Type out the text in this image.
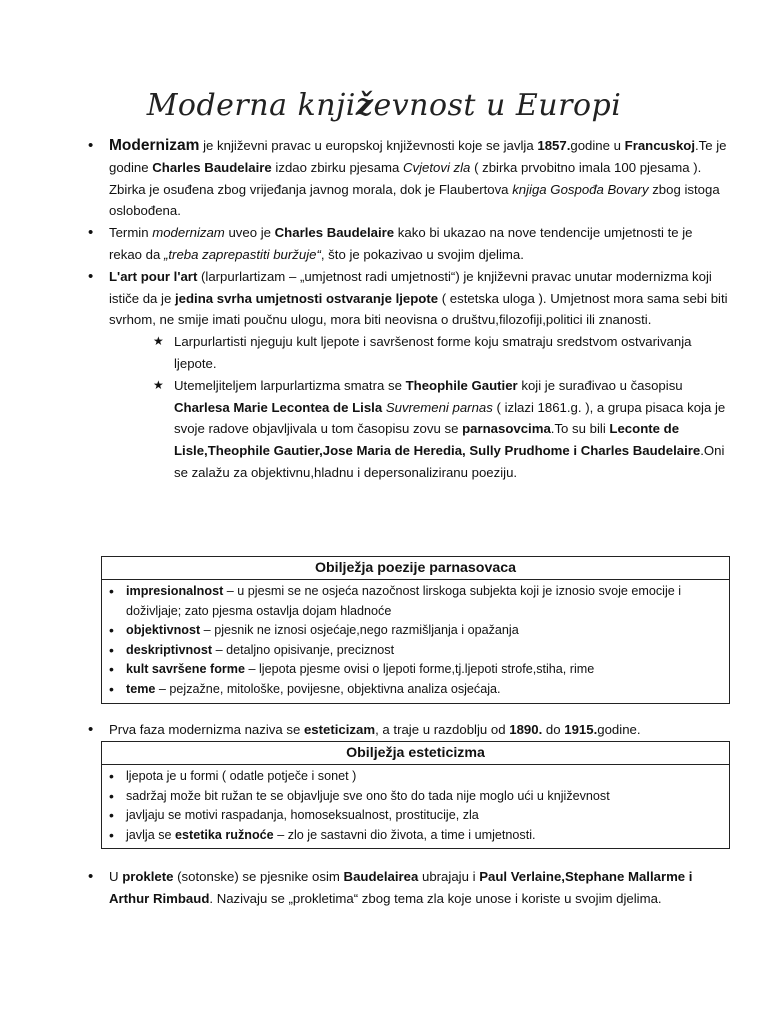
Moderna književnost u Europi
• Modernizam je književni pravac u europskoj književnosti koje se javlja 1857.godine u Francuskoj.Te je godine Charles Baudelaire izdao zbirku pjesama Cvjetovi zla ( zbirka prvobitno imala 100 pjesama ). Zbirka je osuđena zbog vrijeđanja javnog morala, dok je Flaubertova knjiga Gospođa Bovary zbog istoga oslobođena.
• Termin modernizam uveo je Charles Baudelaire kako bi ukazao na nove tendencije umjetnosti te je rekao da „treba zaprepastiti buržuje“, što je pokazivao u svojim djelima.
• L'art pour l'art (larpurlartizam – „umjetnost radi umjetnosti“) je književni pravac unutar modernizma koji ističe da je jedina svrha umjetnosti ostvaranje ljepote ( estetska uloga ). Umjetnost mora sama sebi biti svrhom, ne smije imati poučnu ulogu, mora biti neovisna o društvu,filozofiji,politici ili znanosti.
★ Larpurlartisti njeguju kult ljepote i savršenost forme koju smatraju sredstvom ostvarivanja ljepote.
★ Utemeljiteljem larpurlartizma smatra se Theophile Gautier koji je surađivao u časopisu Charlesa Marie Lecontea de Lisla Suvremeni parnas ( izlazi 1861.g. ), a grupa pisaca koja je svoje radove objavljivala u tom časopisu zovu se parnasovcima.To su bili Leconte de Lisle,Theophile Gautier,Jose Maria de Heredia, Sully Prudhome i Charles Baudelaire.Oni se zalažu za objektivnu,hladnu i depersonaliziranu poeziju.
Obilježja poezije parnasovaca
• impresionalnost – u pjesmi se ne osjeća nazočnost lirskoga subjekta koji je iznosio svoje emocije i doživljaje; zato pjesma ostavlja dojam hladnoće
• objektivnost – pjesnik ne iznosi osjećaje,nego razmišljanja i opažanja
• deskriptivnost – detaljno opisivanje, preciznost
• kult savršene forme – ljepota pjesme ovisi o ljepoti forme,tj.ljepoti strofe,stiha, rime
• teme – pejzažne, mitološke, povijesne, objektivna analiza osjećaja.
• Prva faza modernizma naziva se esteticizam, a traje u razdoblju od 1890. do 1915.godine.
Obilježja esteticizma
• ljepota je u formi ( odatle potječe i sonet )
• sadržaj može bit ružan te se objavljuje sve ono što do tada nije moglo ući u književnost
• javljaju se motivi raspadanja, homoseksualnost, prostitucije, zla
• javlja se estetika ružnoće – zlo je sastavni dio života, a time i umjetnosti.
• U proklete (sotonske) se pjesnike osim Baudelairea ubrajaju i Paul Verlaine,Stephane Mallarme i Arthur Rimbaud. Nazivaju se „prokletima“ zbog tema zla koje unose i koriste u svojim djelima.
